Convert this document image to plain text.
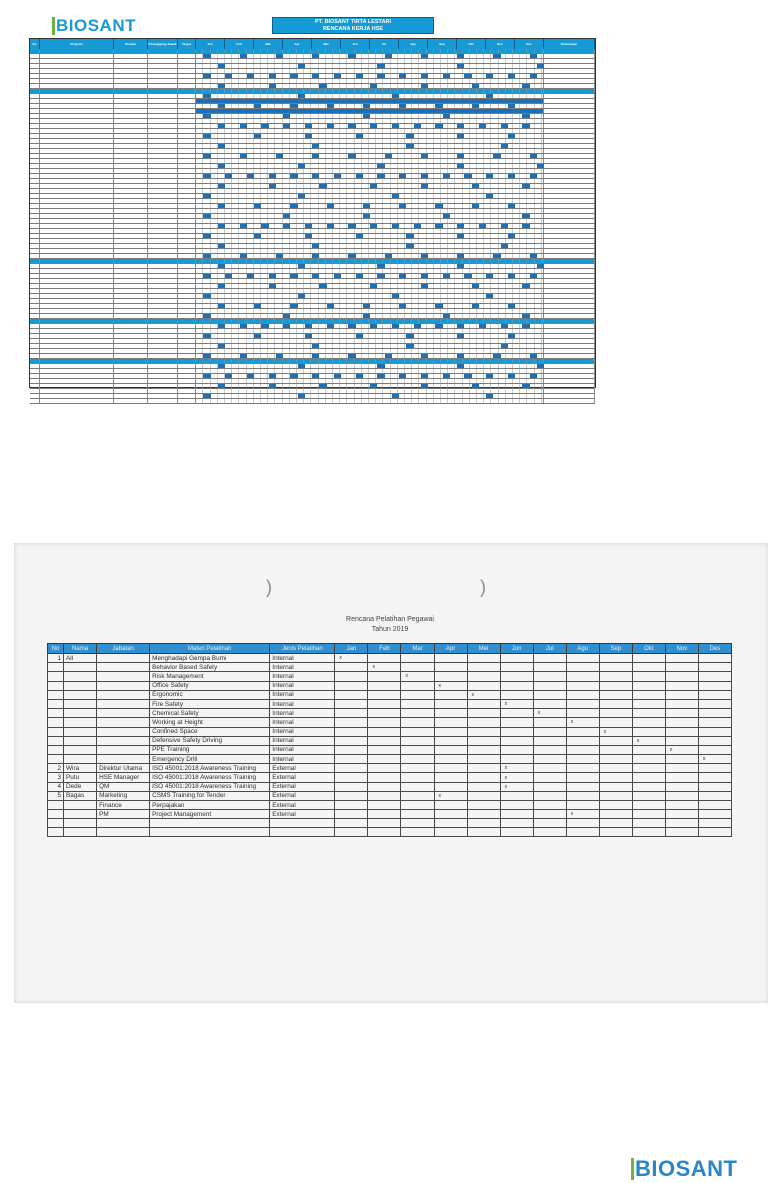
BIOSANT	PT. BIOSANT TIRTA LESTARI
RENCANA KERJA HSE
No	Program	Periode	Penanggung Jawab	Target	Jan	Feb	Mar	Apr	Mei	Jun	Jul	Agu	Sep	Okt	Nov	Des	Keterangan
)	)
BIOSANT
Rencana Pelatihan Pegawai
Tahun 2019
No	Nama	Jabatan	Materi Pelatihan	Jenis Pelatihan	Jan	Feb	Mar	Apr	Mei	Jun	Jul	Agu	Sep	Okt	Nov	Des
1	All		Menghadapi Gempa Bumi	Internal	x											
			Behavior Based Safety	Internal		x										
			Risk Management	Internal			x									
			Office Safety	Internal				x								
			Ergonomic	Internal					x							
			Fire Safety	Internal						x						
			Chemical Safety	Internal							x					
			Working at Height	Internal								x				
			Confined Space	Internal									x			
			Defensive Safety Driving	Internal										x		
			PPE Training	Internal											x	
			Emergency Drill	Internal												x
2	Wira	Direktur Utama	ISO 45001:2018 Awareness Training	External						x						
3	Putu	HSE Manager	ISO 45001:2018 Awareness Training	External						x						
4	Dede	QM	ISO 45001:2018 Awareness Training	External						x						
5	Bagas	Marketing	CSMS Training for Tender	External				x								
		Finance	Perpajakan	External												
		PM	Project Management	External								x				
